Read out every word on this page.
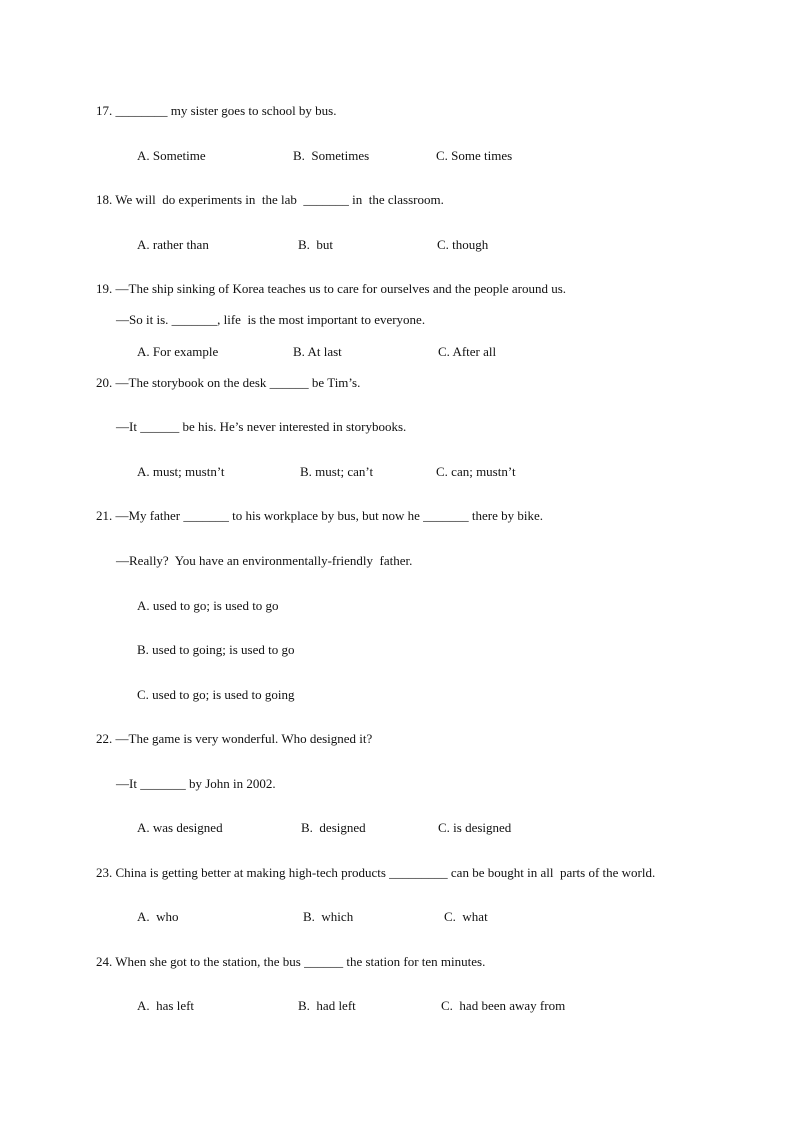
17. ________ my sister goes to school by bus.
A. Sometime	B.  Sometimes	C. Some times
18. We will  do experiments in  the lab  _______ in  the classroom.
A. rather than	B.  but	C. though
19. —The ship sinking of Korea teaches us to care for ourselves and the people around us.
—So it is. _______, life  is the most important to everyone.
A. For example	B. At last	C. After all
20. —The storybook on the desk ______ be Tim’s.
—It ______ be his. He’s never interested in storybooks.
A. must; mustn’t	B. must; can’t	C. can; mustn’t
21. —My father _______ to his workplace by bus, but now he _______ there by bike.
—Really?  You have an environmentally-friendly  father.
A. used to go; is used to go
B. used to going; is used to go
C. used to go; is used to going
22. —The game is very wonderful. Who designed it?
—It _______ by John in 2002.
A. was designed	B.  designed	C. is designed
23. China is getting better at making high-tech products _________ can be bought in all  parts of the world.
A.  who	B.  which	C.  what
24. When she got to the station, the bus ______ the station for ten minutes.
A.  has left	B.  had left	C.  had been away from
